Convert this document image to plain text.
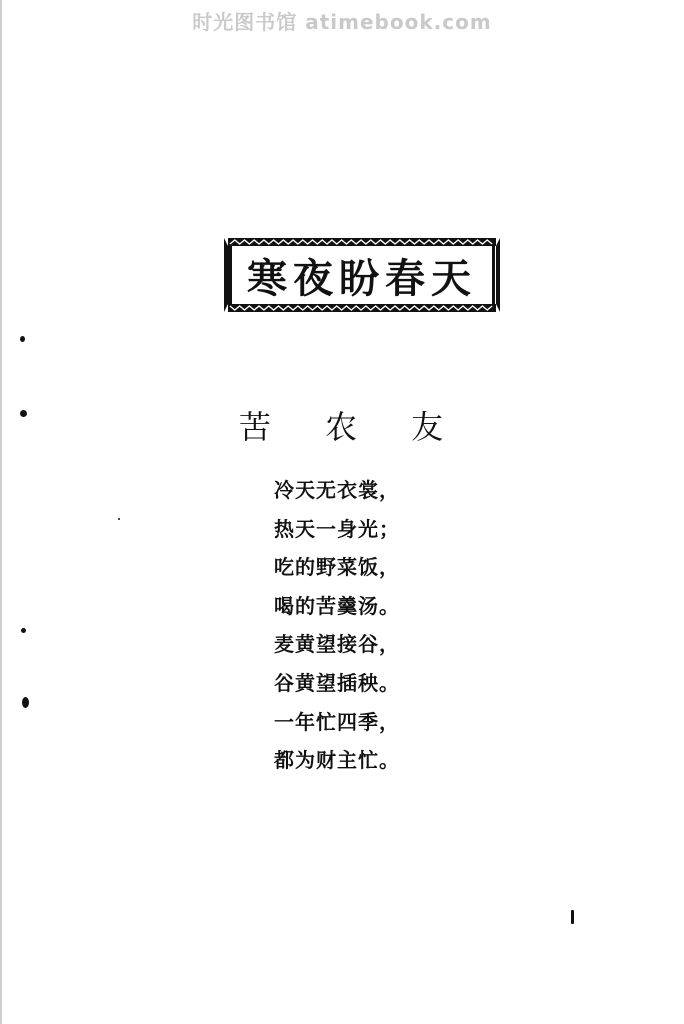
时光图书馆 atimebook.com
寒夜盼春天
苦 农 友
冷天无衣裳，
热天一身光；
吃的野菜饭，
喝的苦羹汤。
麦黄望接谷，
谷黄望插秧。
一年忙四季，
都为财主忙。
